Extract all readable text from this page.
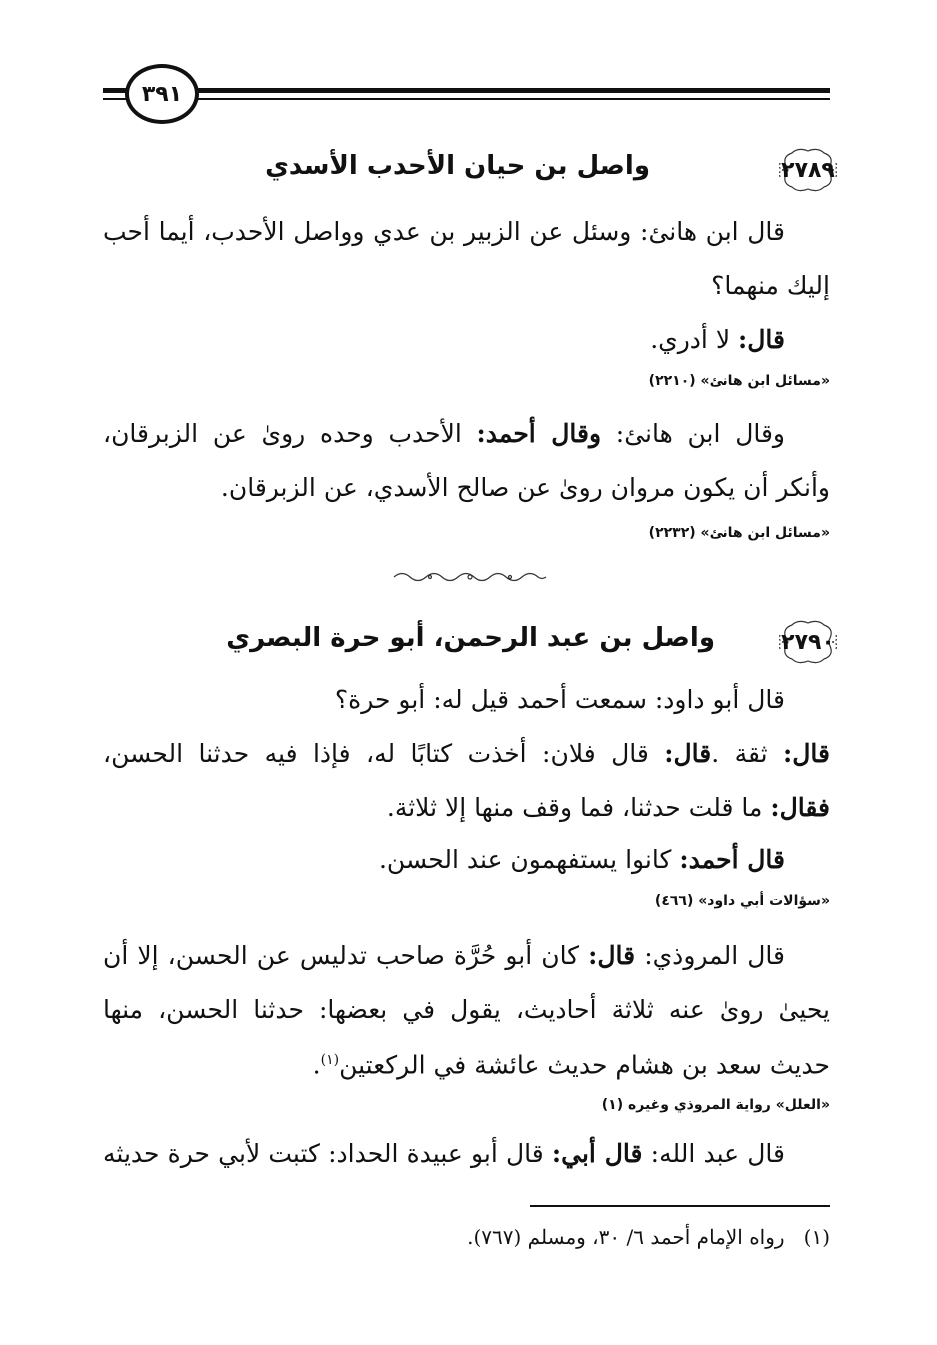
٣٩١
٢٧٨٩
واصل بن حيان الأحدب الأسدي
قال ابن هانئ: وسئل عن الزبير بن عدي وواصل الأحدب، أيما أحب
إليك منهما؟
قال: لا أدري.
«مسائل ابن هانئ» (٢٢١٠)
وقال ابن هانئ: وقال أحمد: الأحدب وحده روىٰ عن الزبرقان،
وأنكر أن يكون مروان روىٰ عن صالح الأسدي، عن الزبرقان.
«مسائل ابن هانئ» (٢٢٣٢)
٢٧٩٠
واصل بن عبد الرحمن، أبو حرة البصري
قال أبو داود: سمعت أحمد قيل له: أبو حرة؟
قال: ثقة .قال: قال فلان: أخذت كتابًا له، فإذا فيه حدثنا الحسن،
فقال: ما قلت حدثنا، فما وقف منها إلا ثلاثة.
قال أحمد: كانوا يستفهمون عند الحسن.
«سؤالات أبي داود» (٤٦٦)
قال المروذي: قال: كان أبو حُرَّة صاحب تدليس عن الحسن، إلا أن
يحيىٰ روىٰ عنه ثلاثة أحاديث، يقول في بعضها: حدثنا الحسن، منها
حديث سعد بن هشام حديث عائشة في الركعتين$^{(١)}$.
«العلل» رواية المروذي وغيره (١)
قال عبد الله: قال أبي: قال أبو عبيدة الحداد: كتبت لأبي حرة حديثه
(١)   رواه الإمام أحمد ٦/ ٣٠، ومسلم (٧٦٧).
